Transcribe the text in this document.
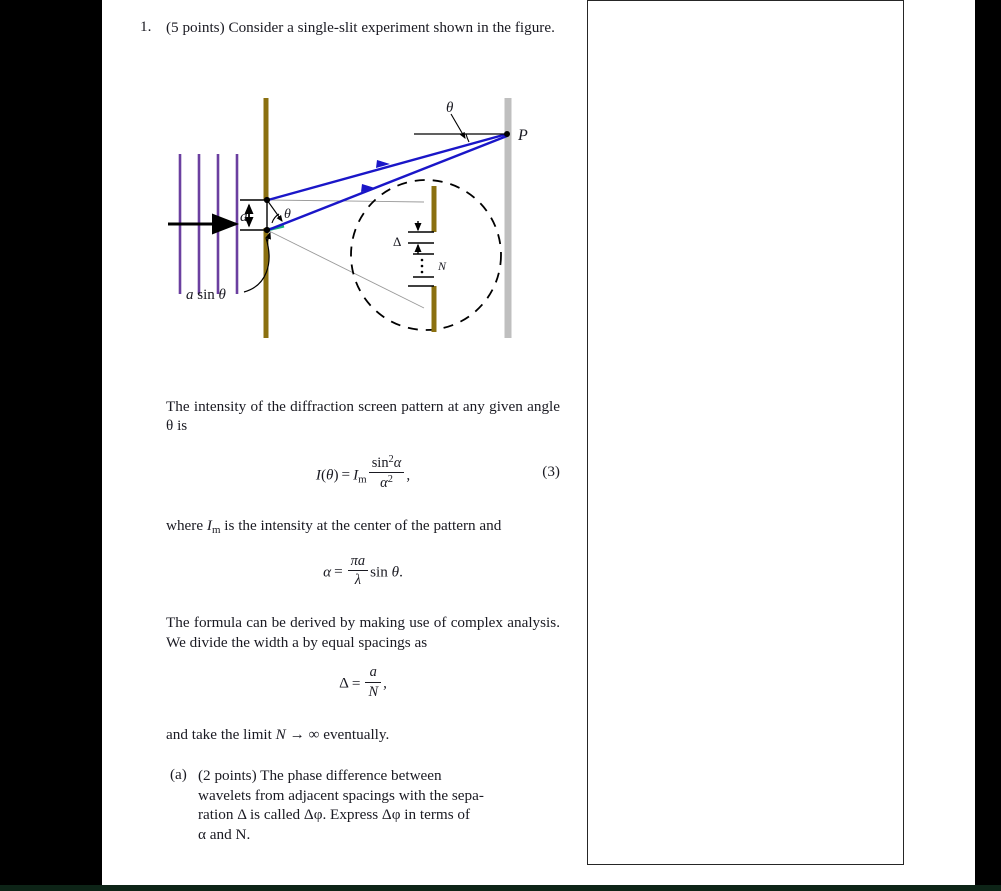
1. (5 points) Consider a single-slit experiment shown in the figure.

a	θ
P
θ
a sin θ
Δ
N

The intensity of the diffraction screen pattern at any given angle θ is

$I(\theta) = I_m \frac{\sin^2\alpha}{\alpha^2}$ ,	(3)

where $I_m$ is the intensity at the center of the pattern and

$\alpha = \frac{\pi a}{\lambda}$ sin θ.

The formula can be derived by making use of complex analysis. We divide the width a by equal spacings as

$\Delta = \frac{a}{N}$ ,

and take the limit N → ∞ eventually.

(a) (2 points) The phase difference between
wavelets from adjacent spacings with the sepa-
ration Δ is called Δφ. Express Δφ in terms of
α and N.
